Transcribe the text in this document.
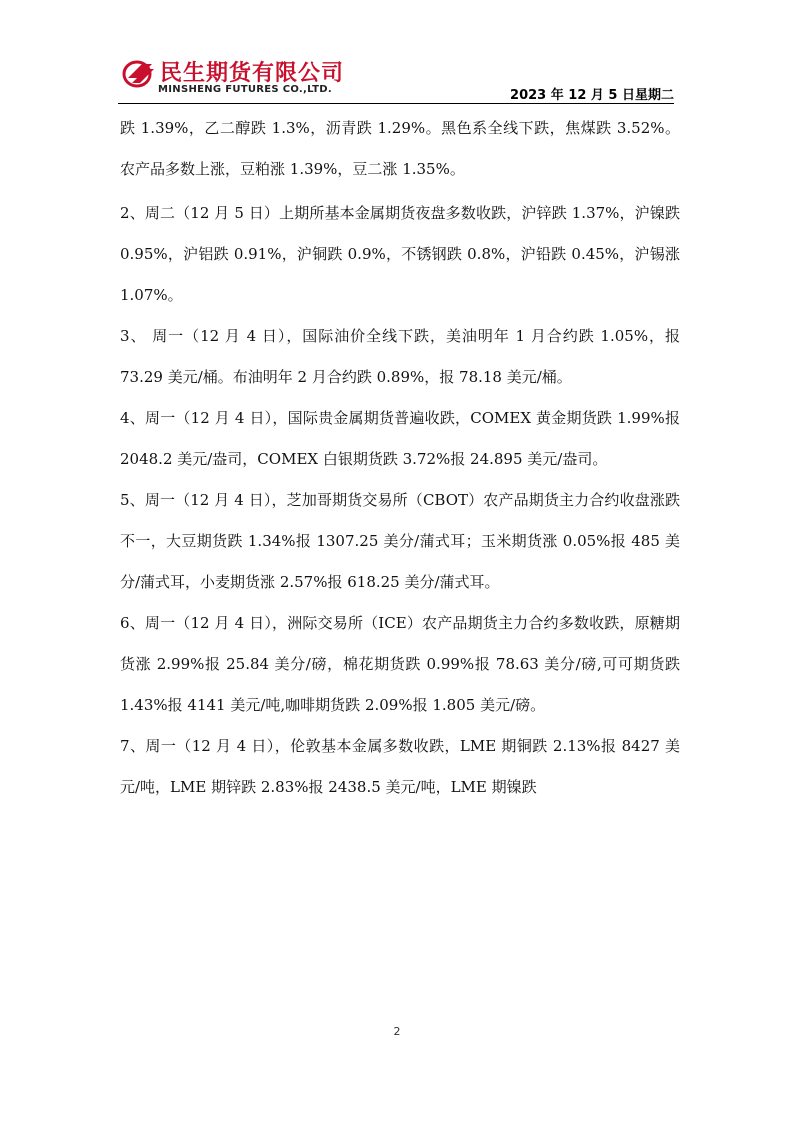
民生期货有限公司
MINSHENG FUTURES CO.,LTD.	2023 年 12 月 5 日星期二

跌 1.39%，乙二醇跌 1.3%，沥青跌 1.29%。黑色系全线下跌，焦煤跌 3.52%。农产品多数上涨，豆粕涨 1.39%，豆二涨 1.35%。

2、周二（12 月 5 日）上期所基本金属期货夜盘多数收跌，沪锌跌 1.37%，沪镍跌 0.95%，沪铝跌 0.91%，沪铜跌 0.9%，不锈钢跌 0.8%，沪铅跌 0.45%，沪锡涨 1.07%。

3、 周一（12 月 4 日），国际油价全线下跌，美油明年 1 月合约跌 1.05%，报 73.29 美元/桶。布油明年 2 月合约跌 0.89%，报 78.18 美元/桶。

4、周一（12 月 4 日），国际贵金属期货普遍收跌，COMEX 黄金期货跌 1.99%报 2048.2 美元/盎司，COMEX 白银期货跌 3.72%报 24.895 美元/盎司。

5、周一（12 月 4 日），芝加哥期货交易所（CBOT）农产品期货主力合约收盘涨跌不一，大豆期货跌 1.34%报 1307.25 美分/蒲式耳；玉米期货涨 0.05%报 485 美分/蒲式耳，小麦期货涨 2.57%报 618.25 美分/蒲式耳。

6、周一（12 月 4 日），洲际交易所（ICE）农产品期货主力合约多数收跌，原糖期货涨 2.99%报 25.84 美分/磅，棉花期货跌 0.99%报 78.63 美分/磅,可可期货跌 1.43%报 4141 美元/吨,咖啡期货跌 2.09%报 1.805 美元/磅。

7、周一（12 月 4 日），伦敦基本金属多数收跌，LME 期铜跌 2.13%报 8427 美元/吨，LME 期锌跌 2.83%报 2438.5 美元/吨，LME 期镍跌

2
